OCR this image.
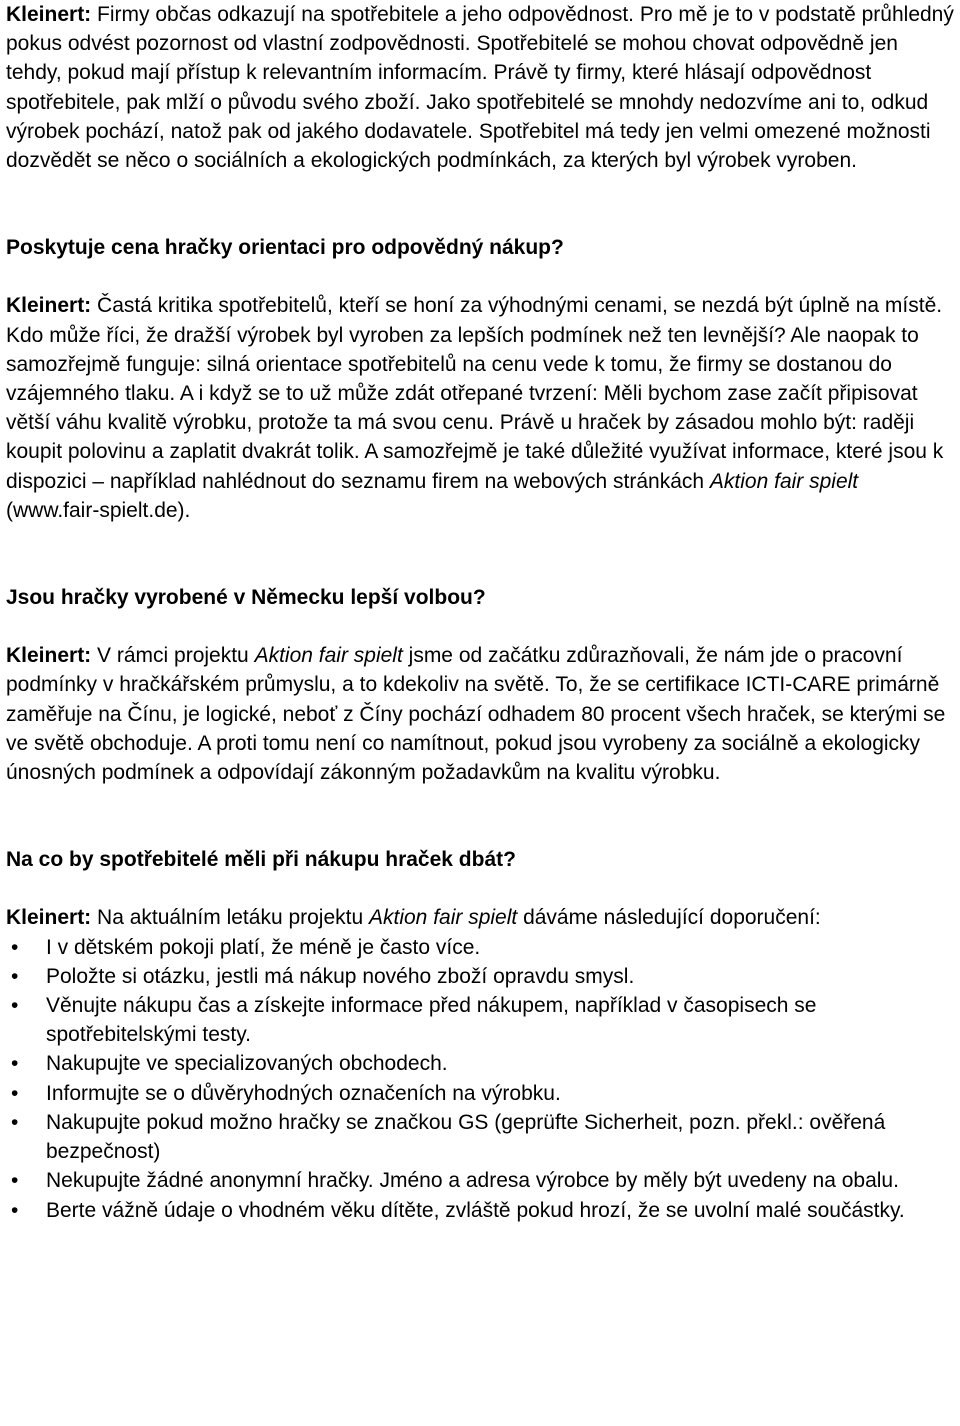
Kleinert: Firmy občas odkazují na spotřebitele a jeho odpovědnost. Pro mě je to v podstatě průhledný pokus odvést pozornost od vlastní zodpovědnosti. Spotřebitelé se mohou chovat odpovědně jen tehdy, pokud mají přístup k relevantním informacím. Právě ty firmy, které hlásají odpovědnost spotřebitele, pak mlží o původu svého zboží. Jako spotřebitelé se mnohdy nedozvíme ani to, odkud výrobek pochází, natož pak od jakého dodavatele. Spotřebitel má tedy jen velmi omezené možnosti dozvědět se něco o sociálních a ekologických podmínkách, za kterých byl výrobek vyroben.

Poskytuje cena hračky orientaci pro odpovědný nákup?

Kleinert: Častá kritika spotřebitelů, kteří se honí za výhodnými cenami, se nezdá být úplně na místě. Kdo může říci, že dražší výrobek byl vyroben za lepších podmínek než ten levnější? Ale naopak to samozřejmě funguje: silná orientace spotřebitelů na cenu vede k tomu, že firmy se dostanou do vzájemného tlaku. A i když se to už může zdát otřepané tvrzení: Měli bychom zase začít připisovat větší váhu kvalitě výrobku, protože ta má svou cenu. Právě u hraček by zásadou mohlo být: raději koupit polovinu a zaplatit dvakrát tolik. A samozřejmě je také důležité využívat informace, které jsou k dispozici – například nahlédnout do seznamu firem na webových stránkách Aktion fair spielt (www.fair-spielt.de).

Jsou hračky vyrobené v Německu lepší volbou?

Kleinert: V rámci projektu Aktion fair spielt jsme od začátku zdůrazňovali, že nám jde o pracovní podmínky v hračkářském průmyslu, a to kdekoliv na světě. To, že se certifikace ICTI-CARE primárně zaměřuje na Čínu, je logické, neboť z Číny pochází odhadem 80 procent všech hraček, se kterými se ve světě obchoduje. A proti tomu není co namítnout, pokud jsou vyrobeny za sociálně a ekologicky únosných podmínek a odpovídají zákonným požadavkům na kvalitu výrobku.

Na co by spotřebitelé měli při nákupu hraček dbát?

Kleinert: Na aktuálním letáku projektu Aktion fair spielt dáváme následující doporučení:

•	I v dětském pokoji platí, že méně je často více.
•	Položte si otázku, jestli má nákup nového zboží opravdu smysl.
•	Věnujte nákupu čas a získejte informace před nákupem, například v časopisech se spotřebitelskými testy.
•	Nakupujte ve specializovaných obchodech.
•	Informujte se o důvěryhodných označeních na výrobku.
•	Nakupujte pokud možno hračky se značkou GS (geprüfte Sicherheit, pozn. překl.: ověřená bezpečnost)
•	Nekupujte žádné anonymní hračky. Jméno a adresa výrobce by měly být uvedeny na obalu.
•	Berte vážně údaje o vhodném věku dítěte, zvláště pokud hrozí, že se uvolní malé součástky.
